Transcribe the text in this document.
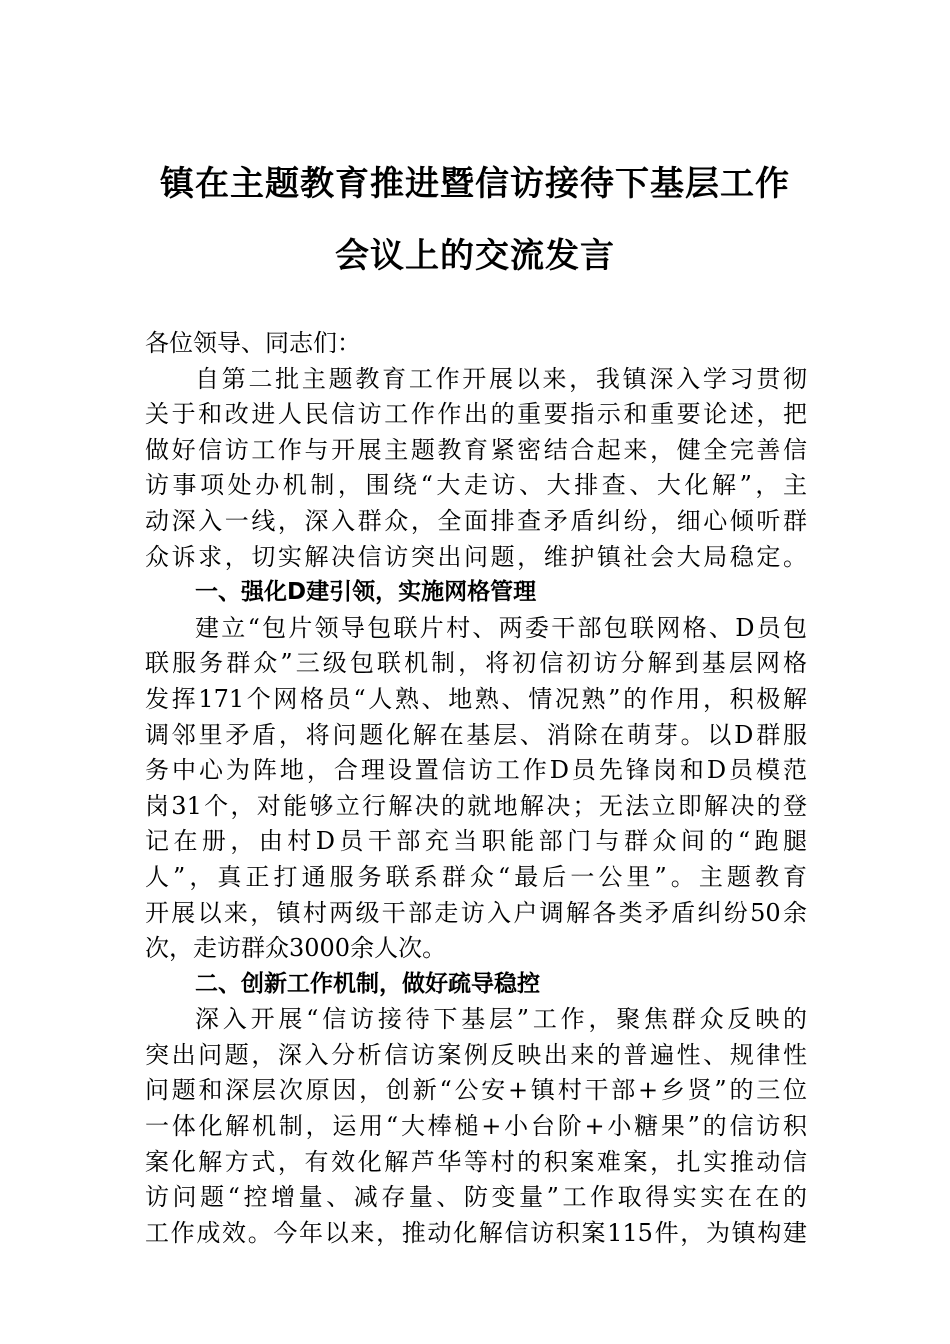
镇在主题教育推进暨信访接待下基层工作
会议上的交流发言
各位领导、同志们：
自第二批主题教育工作开展以来，我镇深入学习贯彻
关于和改进人民信访工作作出的重要指示和重要论述，把
做好信访工作与开展主题教育紧密结合起来，健全完善信
访事项处办机制，围绕“大走访、大排查、大化解”，主
动深入一线，深入群众，全面排查矛盾纠纷，细心倾听群
众诉求，切实解决信访突出问题，维护镇社会大局稳定。
一、强化D建引领，实施网格管理
建立“包片领导包联片村、两委干部包联网格、D员包
联服务群众”三级包联机制，将初信初访分解到基层网格
发挥171个网格员“人熟、地熟、情况熟”的作用，积极解
调邻里矛盾，将问题化解在基层、消除在萌芽。以D群服
务中心为阵地，合理设置信访工作D员先锋岗和D员模范
岗31个，对能够立行解决的就地解决；无法立即解决的登
记在册，由村D员干部充当职能部门与群众间的“跑腿
人”，真正打通服务联系群众“最后一公里”。主题教育
开展以来，镇村两级干部走访入户调解各类矛盾纠纷50余
次，走访群众3000余人次。
二、创新工作机制，做好疏导稳控
深入开展“信访接待下基层”工作，聚焦群众反映的
突出问题，深入分析信访案例反映出来的普遍性、规律性
问题和深层次原因，创新“公安+镇村干部+乡贤”的三位
一体化解机制，运用“大棒槌+小台阶+小糖果”的信访积
案化解方式，有效化解芦华等村的积案难案，扎实推动信
访问题“控增量、减存量、防变量”工作取得实实在在的
工作成效。今年以来，推动化解信访积案115件，为镇构建
